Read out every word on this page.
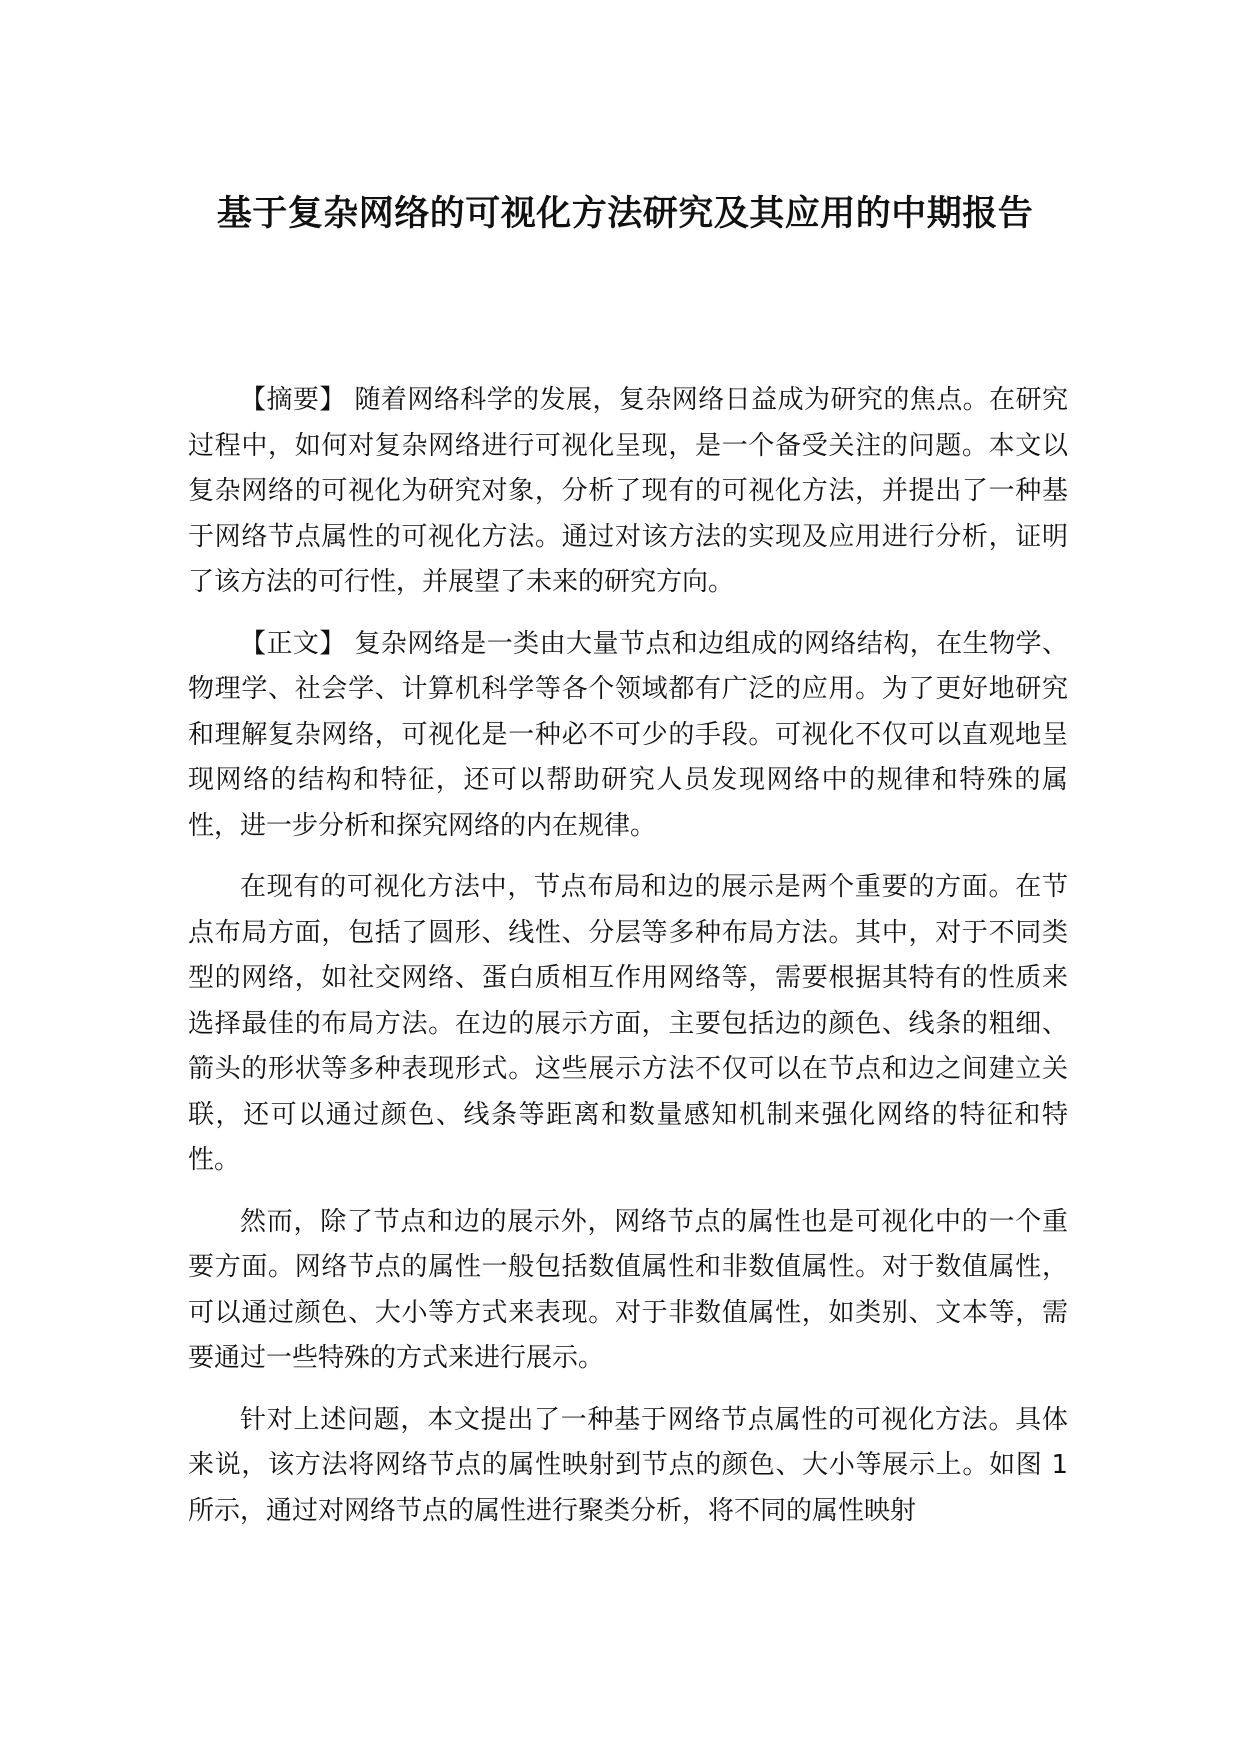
基于复杂网络的可视化方法研究及其应用的中期报告

【摘要】 随着网络科学的发展，复杂网络日益成为研究的焦点。在研究过程中，如何对复杂网络进行可视化呈现，是一个备受关注的问题。本文以复杂网络的可视化为研究对象，分析了现有的可视化方法，并提出了一种基于网络节点属性的可视化方法。通过对该方法的实现及应用进行分析，证明了该方法的可行性，并展望了未来的研究方向。

【正文】 复杂网络是一类由大量节点和边组成的网络结构，在生物学、物理学、社会学、计算机科学等各个领域都有广泛的应用。为了更好地研究和理解复杂网络，可视化是一种必不可少的手段。可视化不仅可以直观地呈现网络的结构和特征，还可以帮助研究人员发现网络中的规律和特殊的属性，进一步分析和探究网络的内在规律。

在现有的可视化方法中，节点布局和边的展示是两个重要的方面。在节点布局方面，包括了圆形、线性、分层等多种布局方法。其中，对于不同类型的网络，如社交网络、蛋白质相互作用网络等，需要根据其特有的性质来选择最佳的布局方法。在边的展示方面，主要包括边的颜色、线条的粗细、箭头的形状等多种表现形式。这些展示方法不仅可以在节点和边之间建立关联，还可以通过颜色、线条等距离和数量感知机制来强化网络的特征和特性。

然而，除了节点和边的展示外，网络节点的属性也是可视化中的一个重要方面。网络节点的属性一般包括数值属性和非数值属性。对于数值属性，可以通过颜色、大小等方式来表现。对于非数值属性，如类别、文本等，需要通过一些特殊的方式来进行展示。

针对上述问题，本文提出了一种基于网络节点属性的可视化方法。具体来说，该方法将网络节点的属性映射到节点的颜色、大小等展示上。如图 1 所示，通过对网络节点的属性进行聚类分析，将不同的属性映射
